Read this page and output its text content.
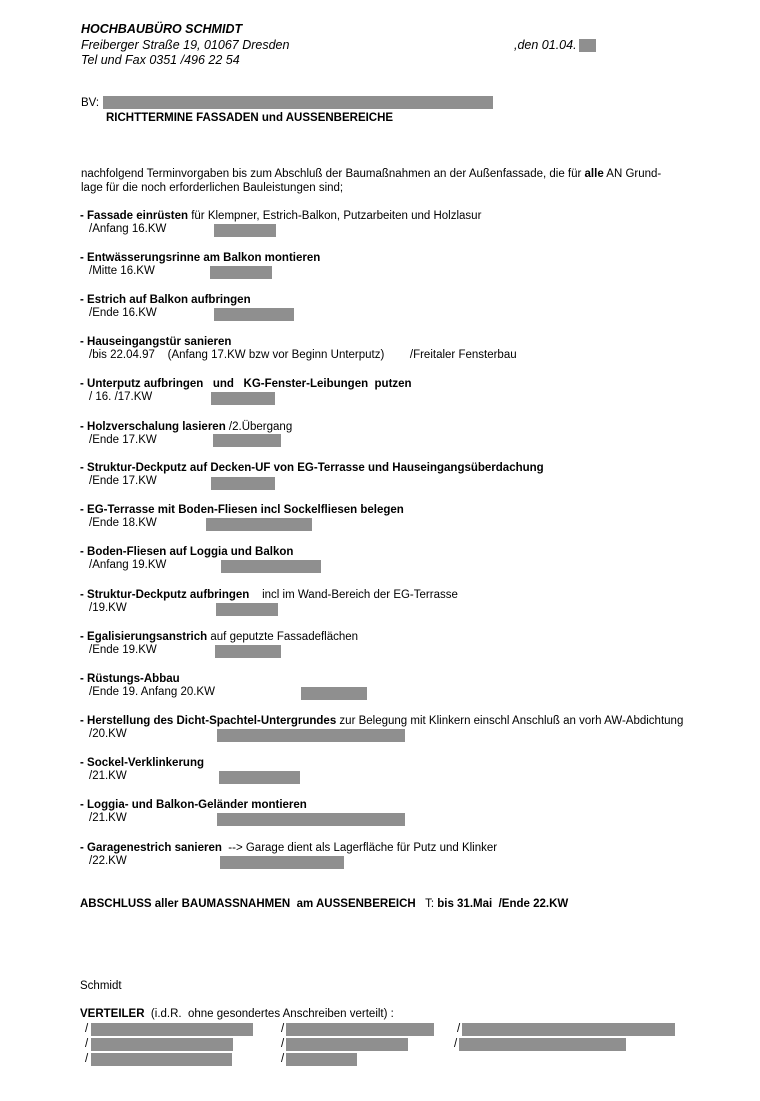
HOCHBAUBÜRO SCHMIDT
Freiberger Straße 19, 01067 Dresden	,den 01.04.
Tel und Fax 0351 /496 22 54
BV:
RICHTTERMINE FASSADEN und AUSSENBEREICHE
nachfolgend Terminvorgaben bis zum Abschluß der Baumaßnahmen an der Außenfassade, die für alle AN Grund-
lage für die noch erforderlichen Bauleistungen sind;
- Fassade einrüsten für Klempner, Estrich-Balkon, Putzarbeiten und Holzlasur
/Anfang 16.KW
- Entwässerungsrinne am Balkon montieren
/Mitte 16.KW
- Estrich auf Balkon aufbringen
/Ende 16.KW
- Hauseingangstür sanieren
/bis 22.04.97    (Anfang 17.KW bzw vor Beginn Unterputz)        /Freitaler Fensterbau
- Unterputz aufbringen   und   KG-Fenster-Leibungen  putzen
/ 16. /17.KW
- Holzverschalung lasieren /2.Übergang
/Ende 17.KW
- Struktur-Deckputz auf Decken-UF von EG-Terrasse und Hauseingangsüberdachung
/Ende 17.KW
- EG-Terrasse mit Boden-Fliesen incl Sockelfliesen belegen
/Ende 18.KW
- Boden-Fliesen auf Loggia und Balkon
/Anfang 19.KW
- Struktur-Deckputz aufbringen    incl im Wand-Bereich der EG-Terrasse
/19.KW
- Egalisierungsanstrich auf geputzte Fassadeflächen
/Ende 19.KW
- Rüstungs-Abbau
/Ende 19. Anfang 20.KW
- Herstellung des Dicht-Spachtel-Untergrundes zur Belegung mit Klinkern einschl Anschluß an vorh AW-Abdichtung
/20.KW
- Sockel-Verklinkerung
/21.KW
- Loggia- und Balkon-Geländer montieren
/21.KW
- Garagenestrich sanieren  --> Garage dient als Lagerfläche für Putz und Klinker
/22.KW
ABSCHLUSS aller BAUMASSNAHMEN  am AUSSENBEREICH   T: bis 31.Mai  /Ende 22.KW
Schmidt
VERTEILER  (i.d.R.  ohne gesondertes Anschreiben verteilt) :
/	/	/
/	/	/
/	/
